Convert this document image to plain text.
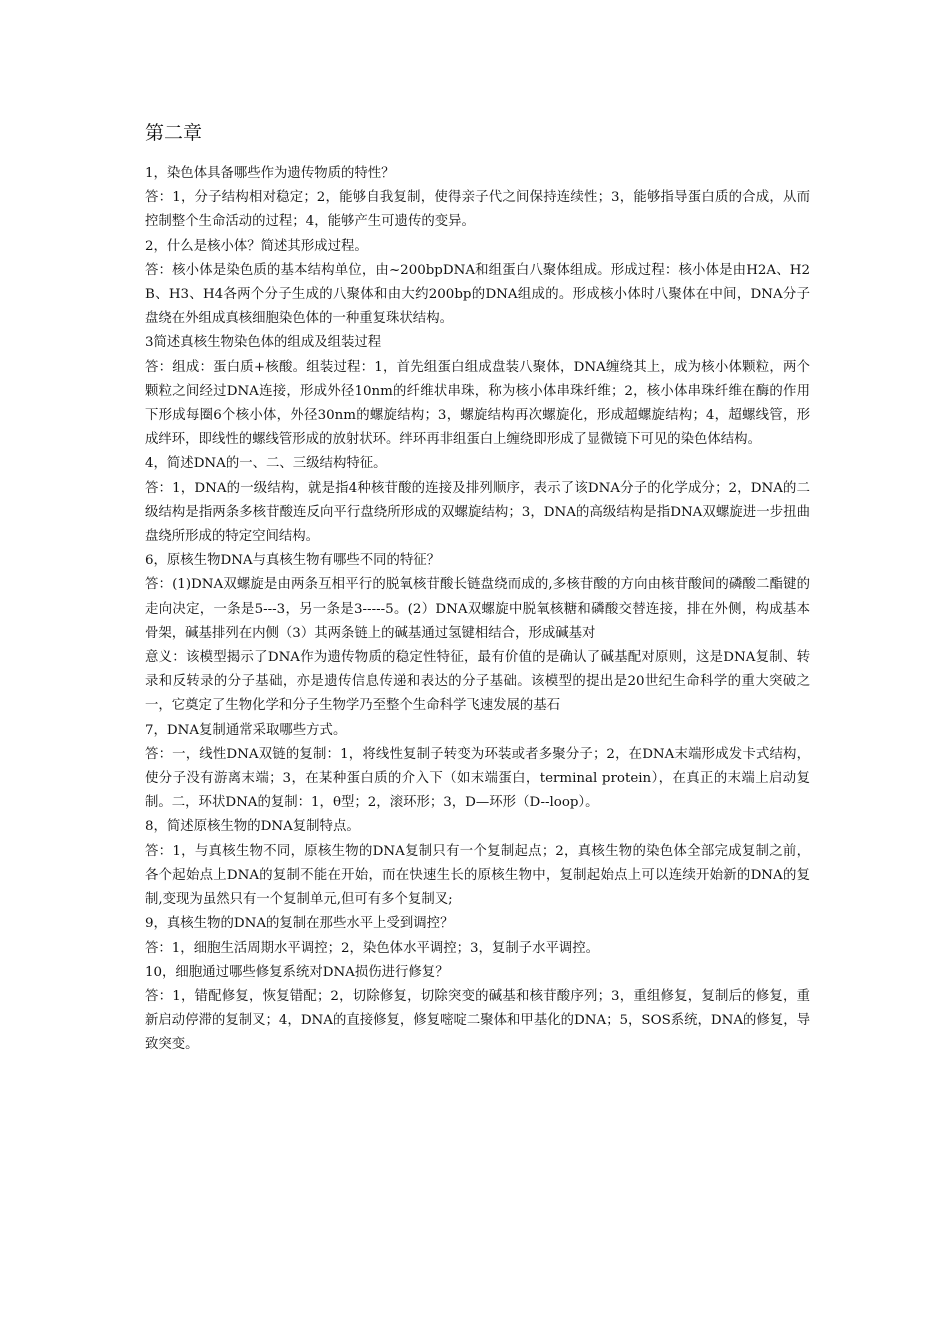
第二章

1，染色体具备哪些作为遗传物质的特性？

答：1，分子结构相对稳定；2，能够自我复制，使得亲子代之间保持连续性；3，能够指导蛋白质的合成，从而控制整个生命活动的过程；4，能够产生可遗传的变异。

2，什么是核小体？简述其形成过程。

答：核小体是染色质的基本结构单位，由~200bpDNA和组蛋白八聚体组成。形成过程：核小体是由H2A、H2B、H3、H4各两个分子生成的八聚体和由大约200bp的DNA组成的。形成核小体时八聚体在中间，DNA分子盘绕在外组成真核细胞染色体的一种重复珠状结构。

3简述真核生物染色体的组成及组装过程

答：组成：蛋白质+核酸。组装过程：1，首先组蛋白组成盘装八聚体，DNA缠绕其上，成为核小体颗粒，两个颗粒之间经过DNA连接，形成外径10nm的纤维状串珠，称为核小体串珠纤维；2，核小体串珠纤维在酶的作用下形成每圈6个核小体，外径30nm的螺旋结构；3，螺旋结构再次螺旋化，形成超螺旋结构；4，超螺线管，形成绊环，即线性的螺线管形成的放射状环。绊环再非组蛋白上缠绕即形成了显微镜下可见的染色体结构。

4，简述DNA的一、二、三级结构特征。

答：1，DNA的一级结构，就是指4种核苷酸的连接及排列顺序，表示了该DNA分子的化学成分；2，DNA的二级结构是指两条多核苷酸连反向平行盘绕所形成的双螺旋结构；3，DNA的高级结构是指DNA双螺旋进一步扭曲盘绕所形成的特定空间结构。

6，原核生物DNA与真核生物有哪些不同的特征？

答：(1)DNA双螺旋是由两条互相平行的脱氧核苷酸长链盘绕而成的,多核苷酸的方向由核苷酸间的磷酸二酯键的走向决定，一条是5---3，另一条是3-----5。(2）DNA双螺旋中脱氧核糖和磷酸交替连接，排在外侧，构成基本骨架，碱基排列在内侧（3）其两条链上的碱基通过氢键相结合，形成碱基对

意义：该模型揭示了DNA作为遗传物质的稳定性特征，最有价值的是确认了碱基配对原则，这是DNA复制、转录和反转录的分子基础，亦是遗传信息传递和表达的分子基础。该模型的提出是20世纪生命科学的重大突破之一，它奠定了生物化学和分子生物学乃至整个生命科学飞速发展的基石

7，DNA复制通常采取哪些方式。

答：一，线性DNA双链的复制：1，将线性复制子转变为环装或者多聚分子；2，在DNA末端形成发卡式结构，使分子没有游离末端；3，在某种蛋白质的介入下（如末端蛋白，terminal protein），在真正的末端上启动复制。二，环状DNA的复制：1，θ型；2，滚环形；3，D—环形（D--loop）。

8，简述原核生物的DNA复制特点。

答：1，与真核生物不同，原核生物的DNA复制只有一个复制起点；2，真核生物的染色体全部完成复制之前，各个起始点上DNA的复制不能在开始，而在快速生长的原核生物中，复制起始点上可以连续开始新的DNA的复制,变现为虽然只有一个复制单元,但可有多个复制叉;

9，真核生物的DNA的复制在那些水平上受到调控？

答：1，细胞生活周期水平调控；2，染色体水平调控；3，复制子水平调控。

10，细胞通过哪些修复系统对DNA损伤进行修复？

答：1，错配修复，恢复错配；2，切除修复，切除突变的碱基和核苷酸序列；3，重组修复，复制后的修复，重新启动停滞的复制叉；4，DNA的直接修复，修复嘧啶二聚体和甲基化的DNA；5，SOS系统，DNA的修复，导致突变。
